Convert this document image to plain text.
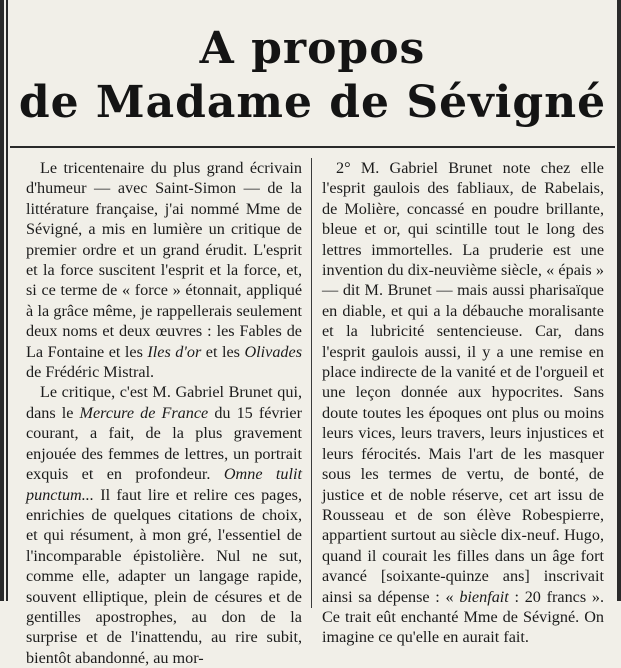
A propos
de Madame de Sévigné

Le tricentenaire du plus grand écrivain d'humeur — avec Saint-Simon — de la littérature française, j'ai nommé Mme de Sévigné, a mis en lumière un critique de premier ordre et un grand érudit. L'esprit et la force suscitent l'esprit et la force, et, si ce terme de « force » étonnait, appliqué à la grâce même, je rappellerais seulement deux noms et deux œuvres : les Fables de La Fontaine et les Iles d'or et les Olivades de Frédéric Mistral.

Le critique, c'est M. Gabriel Brunet qui, dans le Mercure de France du 15 février courant, a fait, de la plus gravement enjouée des femmes de lettres, un portrait exquis et en profondeur. Omne tulit punctum... Il faut lire et relire ces pages, enrichies de quelques citations de choix, et qui résument, à mon gré, l'essentiel de l'incomparable épistolière. Nul ne sut, comme elle, adapter un langage rapide, souvent elliptique, plein de césures et de gentilles apostrophes, au don de la surprise et de l'inattendu, au rire subit, bientôt abandonné, au mor-

2° M. Gabriel Brunet note chez elle l'esprit gaulois des fabliaux, de Rabelais, de Molière, concassé en poudre brillante, bleue et or, qui scintille tout le long des lettres immortelles. La pruderie est une invention du dix-neuvième siècle, « épais » — dit M. Brunet — mais aussi pharisaïque en diable, et qui a la débauche moralisante et la lubricité sentencieuse. Car, dans l'esprit gaulois aussi, il y a une remise en place indirecte de la vanité et de l'orgueil et une leçon donnée aux hypocrites. Sans doute toutes les époques ont plus ou moins leurs vices, leurs travers, leurs injustices et leurs férocités. Mais l'art de les masquer sous les termes de vertu, de bonté, de justice et de noble réserve, cet art issu de Rousseau et de son élève Robespierre, appartient surtout au siècle dix-neuf. Hugo, quand il courait les filles dans un âge fort avancé [soixante-quinze ans] inscrivait ainsi sa dépense : « bienfait : 20 francs ». Ce trait eût enchanté Mme de Sévigné. On imagine ce qu'elle en aurait fait.
